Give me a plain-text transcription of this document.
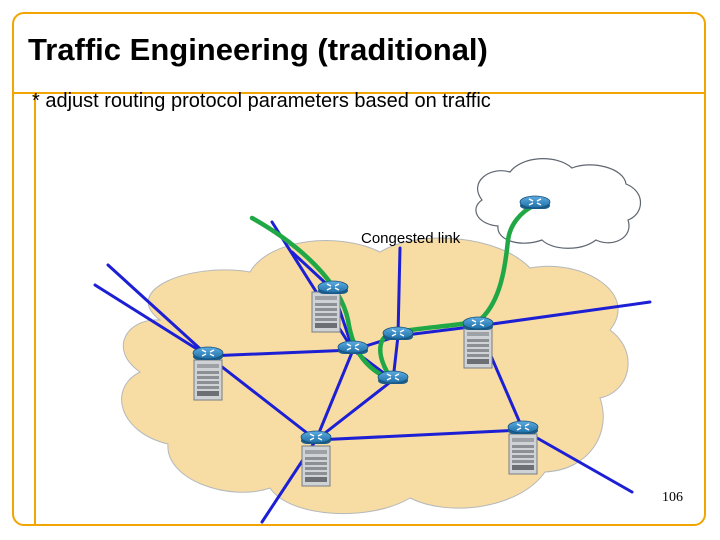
Traffic Engineering (traditional)
* adjust routing protocol parameters based on traffic
Congested link
106
